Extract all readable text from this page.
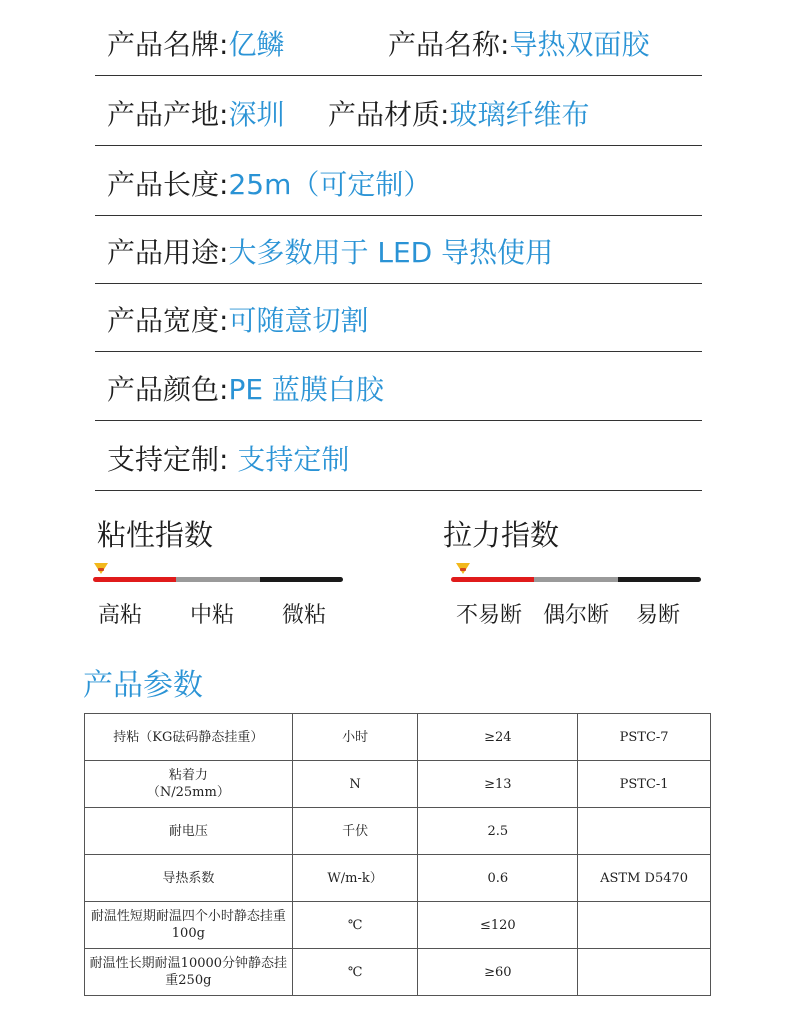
产品名牌:亿鳞	产品名称:导热双面胶
产品产地:深圳 产品材质:玻璃纤维布
产品长度:25m（可定制）
产品用途:大多数用于 LED 导热使用
产品宽度:可随意切割
产品颜色:PE 蓝膜白胶
支持定制: 支持定制
粘性指数
高粘 中粘 微粘
拉力指数
不易断 偶尔断 易断
产品参数
持粘（KG砝码静态挂重）	小时	≥24	PSTC-7
粘着力
（N/25mm）	N	≥13	PSTC-1
耐电压	千伏	2.5	
导热系数	W/m-k）	0.6	ASTM D5470
耐温性短期耐温四个小时静态挂重100g	℃	≤120	
耐温性长期耐温10000分钟静态挂重250g	℃	≥60	
